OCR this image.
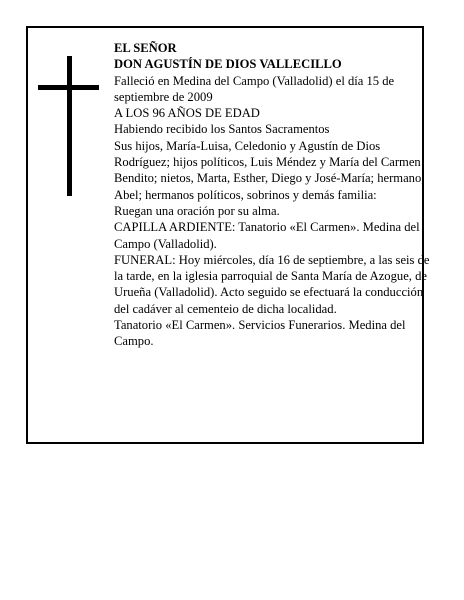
EL SEÑOR

DON AGUSTÍN DE DIOS VALLECILLO

Falleció en Medina del Campo (Valladolid) el día 15 de septiembre de 2009

A LOS 96 AÑOS DE EDAD

Habiendo recibido los Santos Sacramentos

Sus hijos, María-Luisa, Celedonio y Agustín de Dios Rodríguez; hijos políticos, Luis Méndez y María del Carmen Bendito; nietos, Marta, Esther, Diego y José-María; hermano, Abel; hermanos políticos, sobrinos y demás familia:

Ruegan una oración por su alma.

CAPILLA ARDIENTE: Tanatorio «El Carmen». Medina del Campo (Valladolid).

FUNERAL: Hoy miércoles, día 16 de septiembre, a las seis de la tarde, en la iglesia parroquial de Santa María de Azogue, de Urueña (Valladolid). Acto seguido se efectuará la conducción del cadáver al cementeio de dicha localidad.

Tanatorio «El Carmen». Servicios Funerarios. Medina del Campo.
